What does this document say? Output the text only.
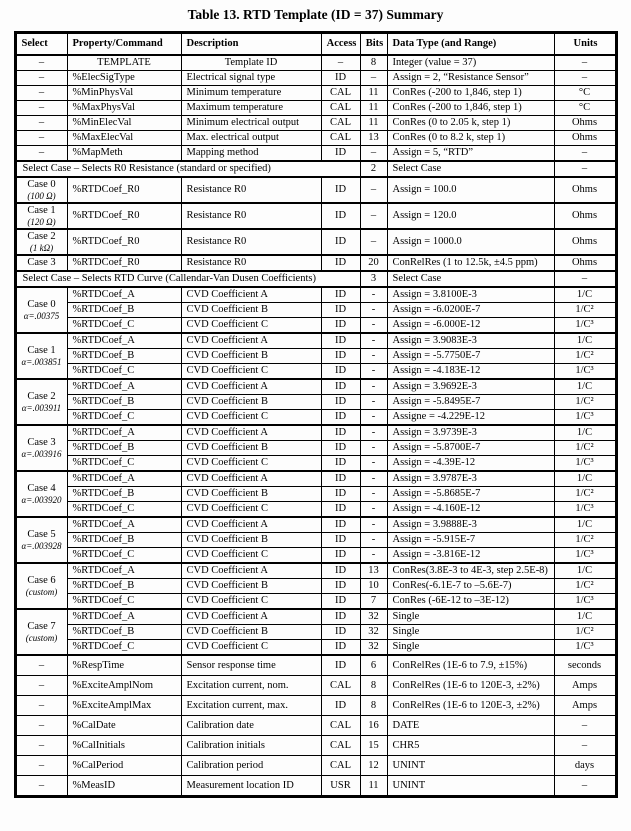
Table 13. RTD Template (ID = 37) Summary
Select	Property/Command	Description	Access	Bits	Data Type (and Range)	Units
–	TEMPLATE	Template ID	–	8	Integer (value = 37)	–
–	%ElecSigType	Electrical signal type	ID	–	Assign = 2, “Resistance Sensor”	–
–	%MinPhysVal	Minimum temperature	CAL	11	ConRes (-200 to 1,846, step 1)	°C
–	%MaxPhysVal	Maximum temperature	CAL	11	ConRes (-200 to 1,846, step 1)	°C
–	%MinElecVal	Minimum electrical output	CAL	11	ConRes (0 to 2.05 k, step 1)	Ohms
–	%MaxElecVal	Max. electrical output	CAL	13	ConRes (0 to 8.2 k, step 1)	Ohms
–	%MapMeth	Mapping method	ID	–	Assign = 5, “RTD”	–
Select Case – Selects R0 Resistance (standard or specified)				2	Select Case	–

Case 0
(100 Ω)	%RTDCoef_R0	Resistance R0	ID	–	Assign = 100.0	Ohms

Case 1
(120 Ω)	%RTDCoef_R0	Resistance R0	ID	–	Assign = 120.0	Ohms

Case 2
(1 kΩ)	%RTDCoef_R0	Resistance R0	ID	–	Assign = 1000.0	Ohms
Case 3	%RTDCoef_R0	Resistance R0	ID	20	ConRelRes (1 to 12.5k, ±4.5 ppm)	Ohms
Select Case – Selects RTD Curve (Callendar-Van Dusen Coefficients)				3	Select Case	–

Case 0
α=.00375	%RTDCoef_A	CVD Coefficient A	ID	-	Assign = 3.8100E-3	1/C
	%RTDCoef_B	CVD Coefficient B	ID	-	Assign = -6.0200E-7	1/C²
	%RTDCoef_C	CVD Coefficient C	ID	-	Assign = -6.000E-12	1/C³

Case 1
α=.003851	%RTDCoef_A	CVD Coefficient A	ID	-	Assign = 3.9083E-3	1/C
	%RTDCoef_B	CVD Coefficient B	ID	-	Assign = -5.7750E-7	1/C²
	%RTDCoef_C	CVD Coefficient C	ID	-	Assign = -4.183E-12	1/C³

Case 2
α=.003911	%RTDCoef_A	CVD Coefficient A	ID	-	Assign = 3.9692E-3	1/C
	%RTDCoef_B	CVD Coefficient B	ID	-	Assign = -5.8495E-7	1/C²
	%RTDCoef_C	CVD Coefficient C	ID	-	Assigne = -4.229E-12	1/C³

Case 3
α=.003916	%RTDCoef_A	CVD Coefficient A	ID	-	Assign = 3.9739E-3	1/C
	%RTDCoef_B	CVD Coefficient B	ID	-	Assign = -5.8700E-7	1/C²
	%RTDCoef_C	CVD Coefficient C	ID	-	Assign = -4.39E-12	1/C³

Case 4
α=.003920	%RTDCoef_A	CVD Coefficient A	ID	-	Assign = 3.9787E-3	1/C
	%RTDCoef_B	CVD Coefficient B	ID	-	Assign = -5.8685E-7	1/C²
	%RTDCoef_C	CVD Coefficient C	ID	-	Assign = -4.160E-12	1/C³

Case 5
α=.003928	%RTDCoef_A	CVD Coefficient A	ID	-	Assign = 3.9888E-3	1/C
	%RTDCoef_B	CVD Coefficient B	ID	-	Assign = -5.915E-7	1/C²
	%RTDCoef_C	CVD Coefficient C	ID	-	Assign = -3.816E-12	1/C³

Case 6
(custom)	%RTDCoef_A	CVD Coefficient A	ID	13	ConRes(3.8E-3 to 4E-3, step 2.5E-8)	1/C
	%RTDCoef_B	CVD Coefficient B	ID	10	ConRes(-6.1E-7 to –5.6E-7)	1/C²
	%RTDCoef_C	CVD Coefficient C	ID	7	ConRes (-6E-12 to –3E-12)	1/C³

Case 7
(custom)	%RTDCoef_A	CVD Coefficient A	ID	32	Single	1/C
	%RTDCoef_B	CVD Coefficient B	ID	32	Single	1/C²
	%RTDCoef_C	CVD Coefficient C	ID	32	Single	1/C³
–	%RespTime	Sensor response time	ID	6	ConRelRes (1E-6 to 7.9, ±15%)	seconds
–	%ExciteAmplNom	Excitation current, nom.	CAL	8	ConRelRes (1E-6 to 120E-3, ±2%)	Amps
–	%ExciteAmplMax	Excitation current, max.	ID	8	ConRelRes (1E-6 to 120E-3, ±2%)	Amps
–	%CalDate	Calibration date	CAL	16	DATE	–
–	%CalInitials	Calibration initials	CAL	15	CHR5	–
–	%CalPeriod	Calibration period	CAL	12	UNINT	days
–	%MeasID	Measurement location ID	USR	11	UNINT	–
